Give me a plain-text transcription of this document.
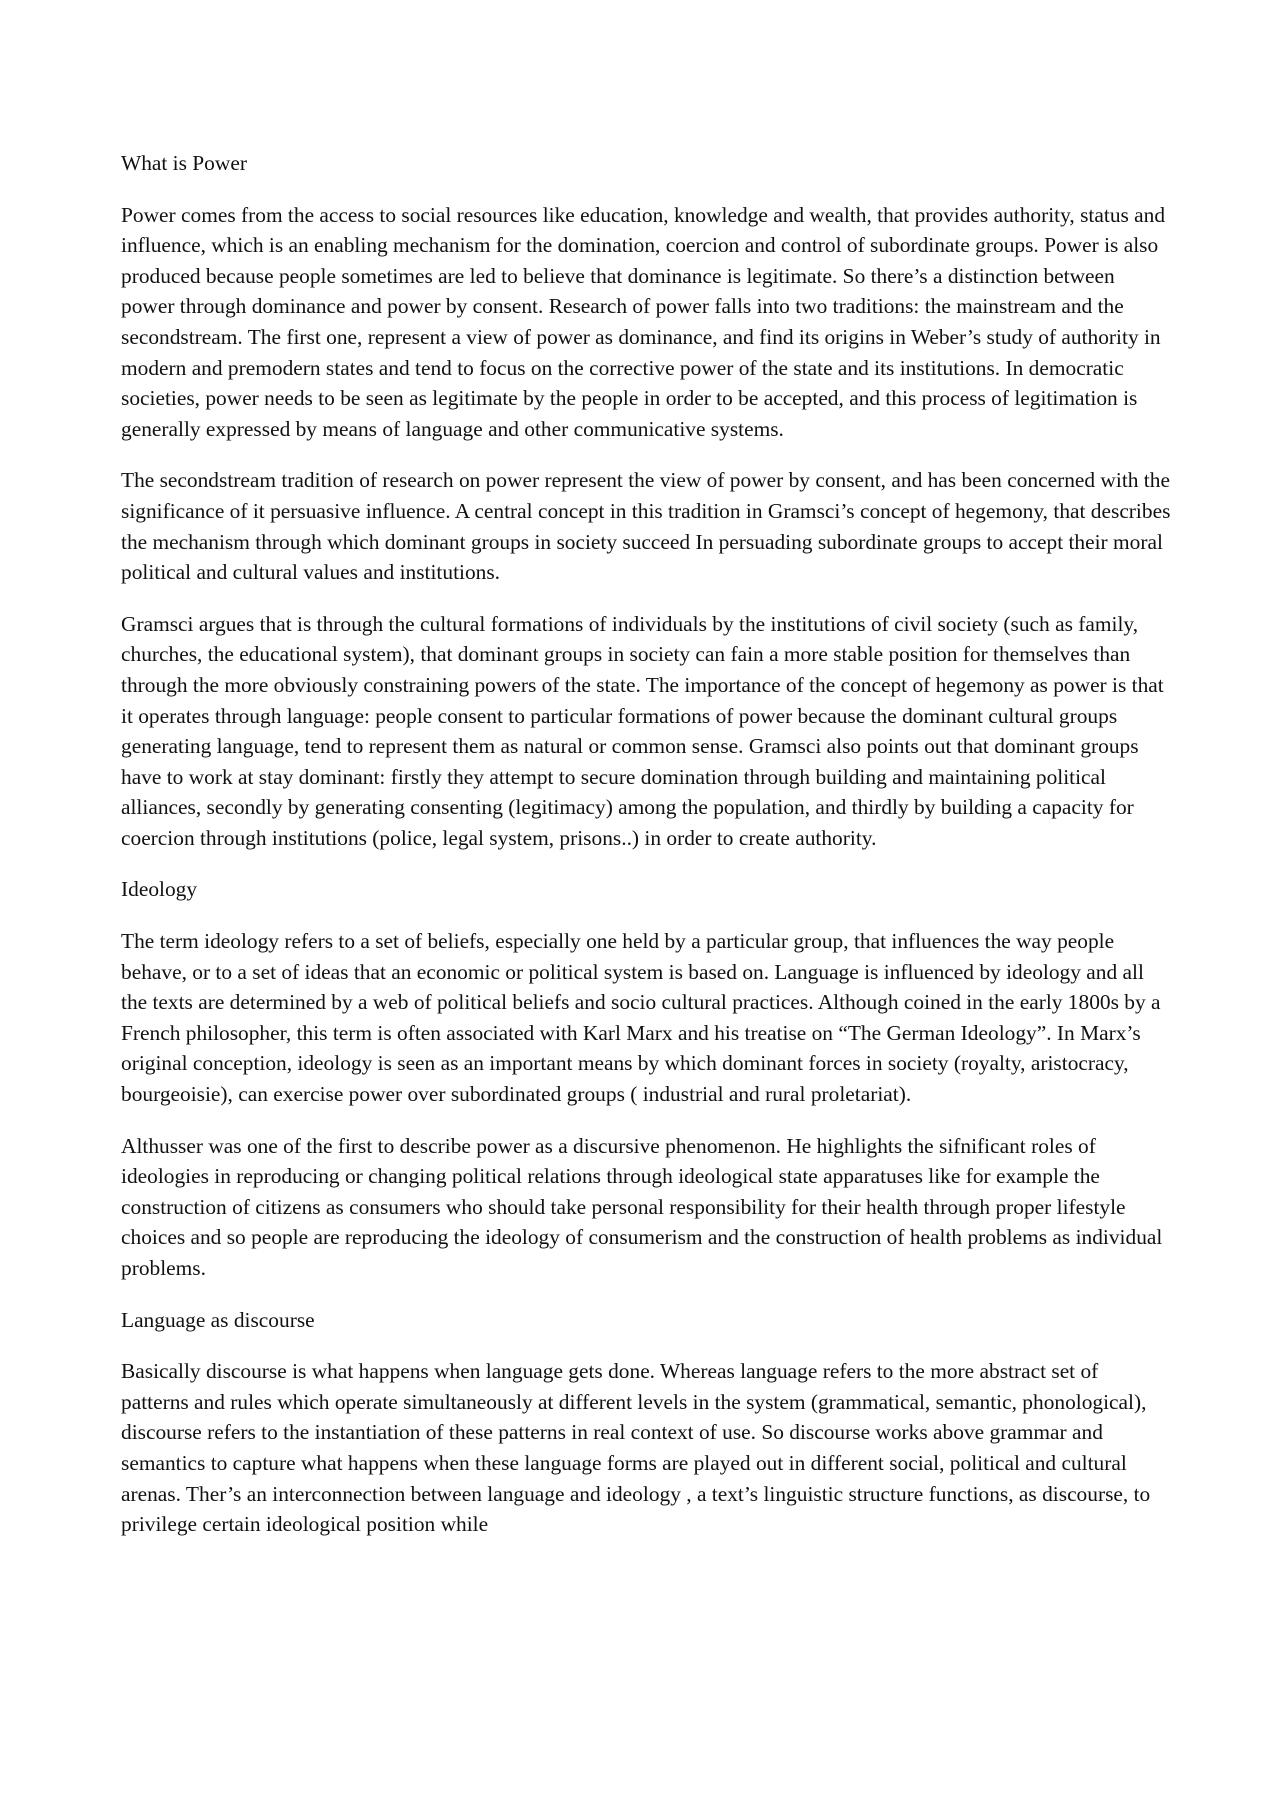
What is Power

Power comes from the access to social resources like education, knowledge and wealth, that provides authority, status and influence, which is an enabling mechanism for the domination, coercion and control of subordinate groups. Power is also produced because people sometimes are led to believe that dominance is legitimate. So there’s a distinction between power through dominance and power by consent. Research of power falls into two traditions: the mainstream and the secondstream. The first one, represent a view of power as dominance, and find its origins in Weber’s study of authority in modern and premodern states and tend to focus on the corrective power of the state and its institutions. In democratic societies, power needs to be seen as legitimate by the people in order to be accepted, and this process of legitimation is generally expressed by means of language and other communicative systems.

The secondstream tradition of research on power represent the view of power by consent, and has been concerned with the significance of it persuasive influence. A central concept in this tradition in Gramsci’s concept of hegemony, that describes the mechanism through which dominant groups in society succeed In persuading subordinate groups to accept their moral political and cultural values and institutions.

Gramsci argues that is through the cultural formations of individuals by the institutions of civil society (such as family, churches, the educational system), that dominant groups in society can fain a more stable position for themselves than through the more obviously constraining powers of the state. The importance of the concept of hegemony as power is that it operates through language: people consent to particular formations of power because the dominant cultural groups generating language, tend to represent them as natural or common sense. Gramsci also points out that dominant groups have to work at stay dominant: firstly they attempt to secure domination through building and maintaining political alliances, secondly by generating consenting (legitimacy) among the population, and thirdly by building a capacity for coercion through institutions (police, legal system, prisons..) in order to create authority.

Ideology

The term ideology refers to a set of beliefs, especially one held by a particular group, that influences the way people behave, or to a set of ideas that an economic or political system is based on. Language is influenced by ideology and all the texts are determined by a web of political beliefs and socio cultural practices. Although coined in the early 1800s by a French philosopher, this term is often associated with Karl Marx and his treatise on “The German Ideology”. In Marx’s original conception, ideology is seen as an important means by which dominant forces in society (royalty, aristocracy, bourgeoisie), can exercise power over subordinated groups ( industrial and rural proletariat).

Althusser was one of the first to describe power as a discursive phenomenon. He highlights the sifnificant roles of ideologies in reproducing or changing political relations through ideological state apparatuses like for example the construction of citizens as consumers who should take personal responsibility for their health through proper lifestyle choices and so people are reproducing the ideology of consumerism and the construction of health problems as individual problems.

Language as discourse

Basically discourse is what happens when language gets done. Whereas language refers to the more abstract set of patterns and rules which operate simultaneously at different levels in the system (grammatical, semantic, phonological), discourse refers to the instantiation of these patterns in real context of use. So discourse works above grammar and semantics to capture what happens when these language forms are played out in different social, political and cultural arenas. Ther’s an interconnection between language and ideology , a text’s linguistic structure functions, as discourse, to privilege certain ideological position while
